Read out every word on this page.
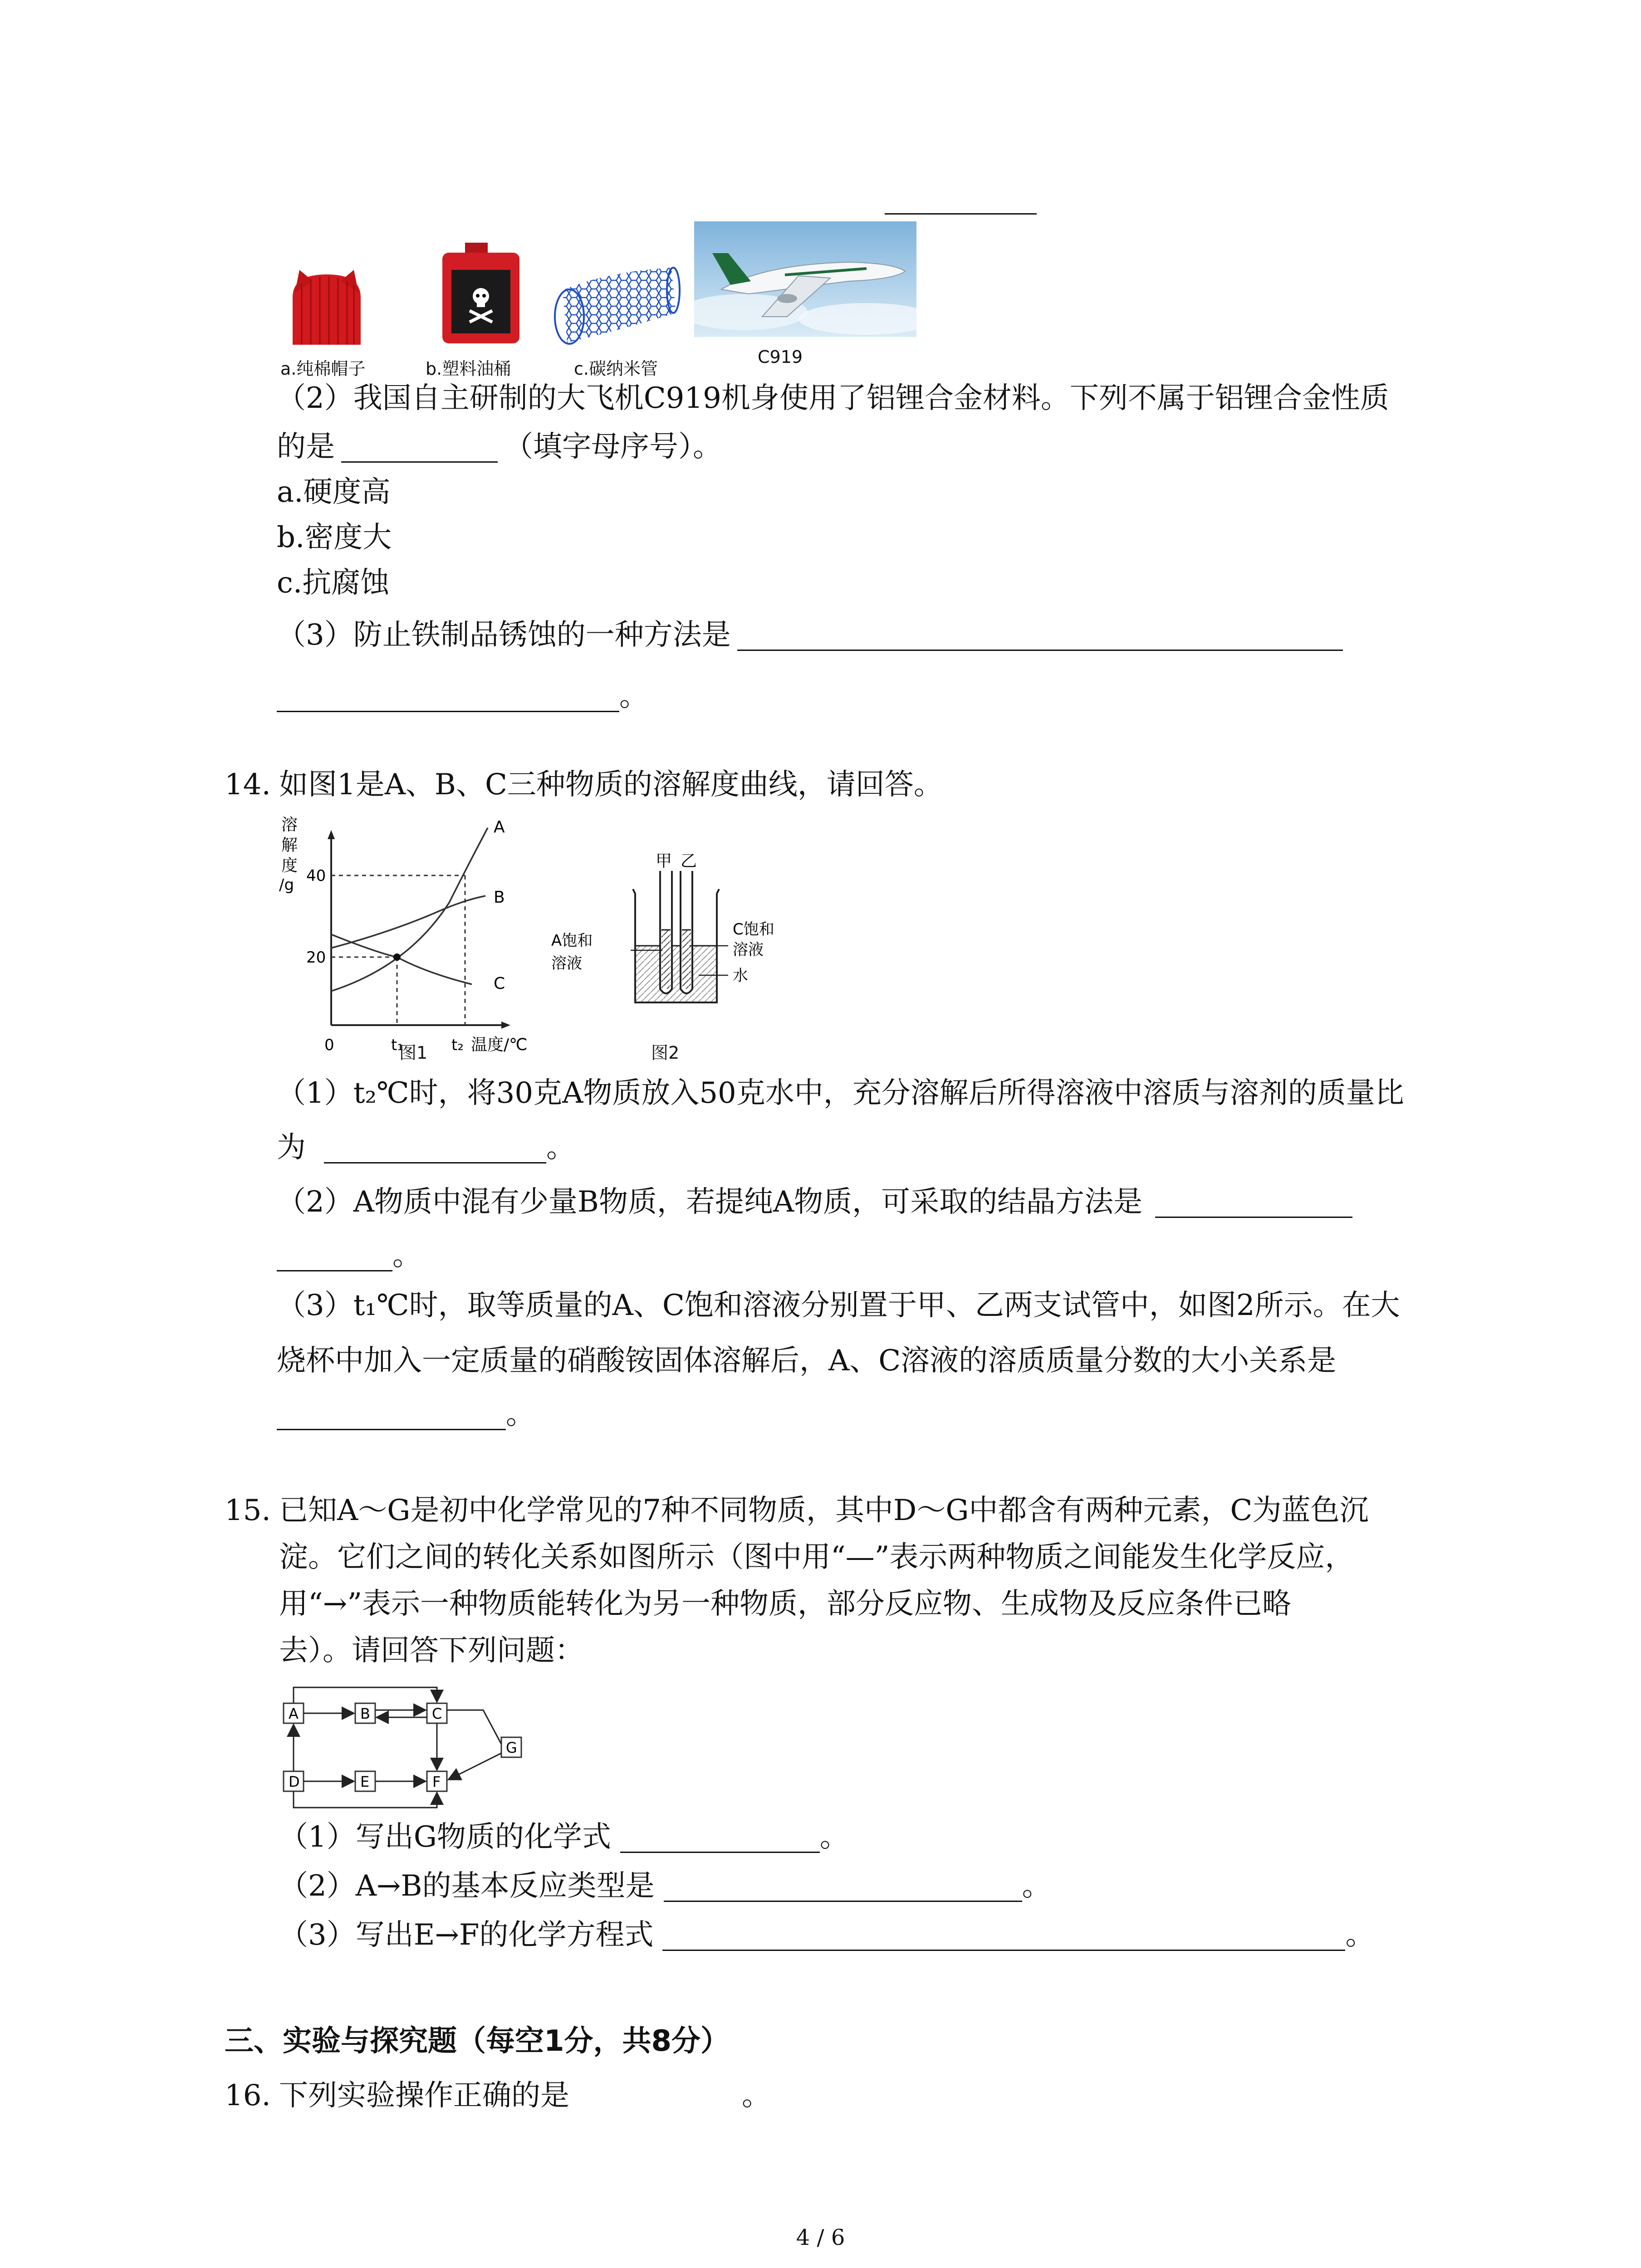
a.纯棉帽子	b.塑料油桶	c.碳纳米管
C919
（2）我国自主研制的大飞机C919机身使用了铝锂合金材料。下列不属于铝锂合金性质
的是	（填字母序号）。
a.硬度高
b.密度大
c.抗腐蚀
（3）防止铁制品锈蚀的一种方法是
。
14. 如图1是A、B、C三种物质的溶解度曲线，请回答。
溶
解
度
/g 40
20
0	t₁	t₂ 温度/℃
A
B
C
图1
甲 乙
A饱和
溶液
C饱和
溶液
水
图2
（1）t₂℃时，将30克A物质放入50克水中，充分溶解后所得溶液中溶质与溶剂的质量比
为	。
（2）A物质中混有少量B物质，若提纯A物质，可采取的结晶方法是
。
（3）t₁℃时，取等质量的A、C饱和溶液分别置于甲、乙两支试管中，如图2所示。在大
烧杯中加入一定质量的硝酸铵固体溶解后，A、C溶液的溶质质量分数的大小关系是
。
15. 已知A～G是初中化学常见的7种不同物质，其中D～G中都含有两种元素，C为蓝色沉
淀。它们之间的转化关系如图所示（图中用“—”表示两种物质之间能发生化学反应，
用“→”表示一种物质能转化为另一种物质，部分反应物、生成物及反应条件已略
去）。请回答下列问题：
A	B	C
D	E	F
G
（1）写出G物质的化学式	。
（2）A→B的基本反应类型是	。
（3）写出E→F的化学方程式	。
三、实验与探究题（每空1分，共8分）
16. 下列实验操作正确的是	。
4 / 6
